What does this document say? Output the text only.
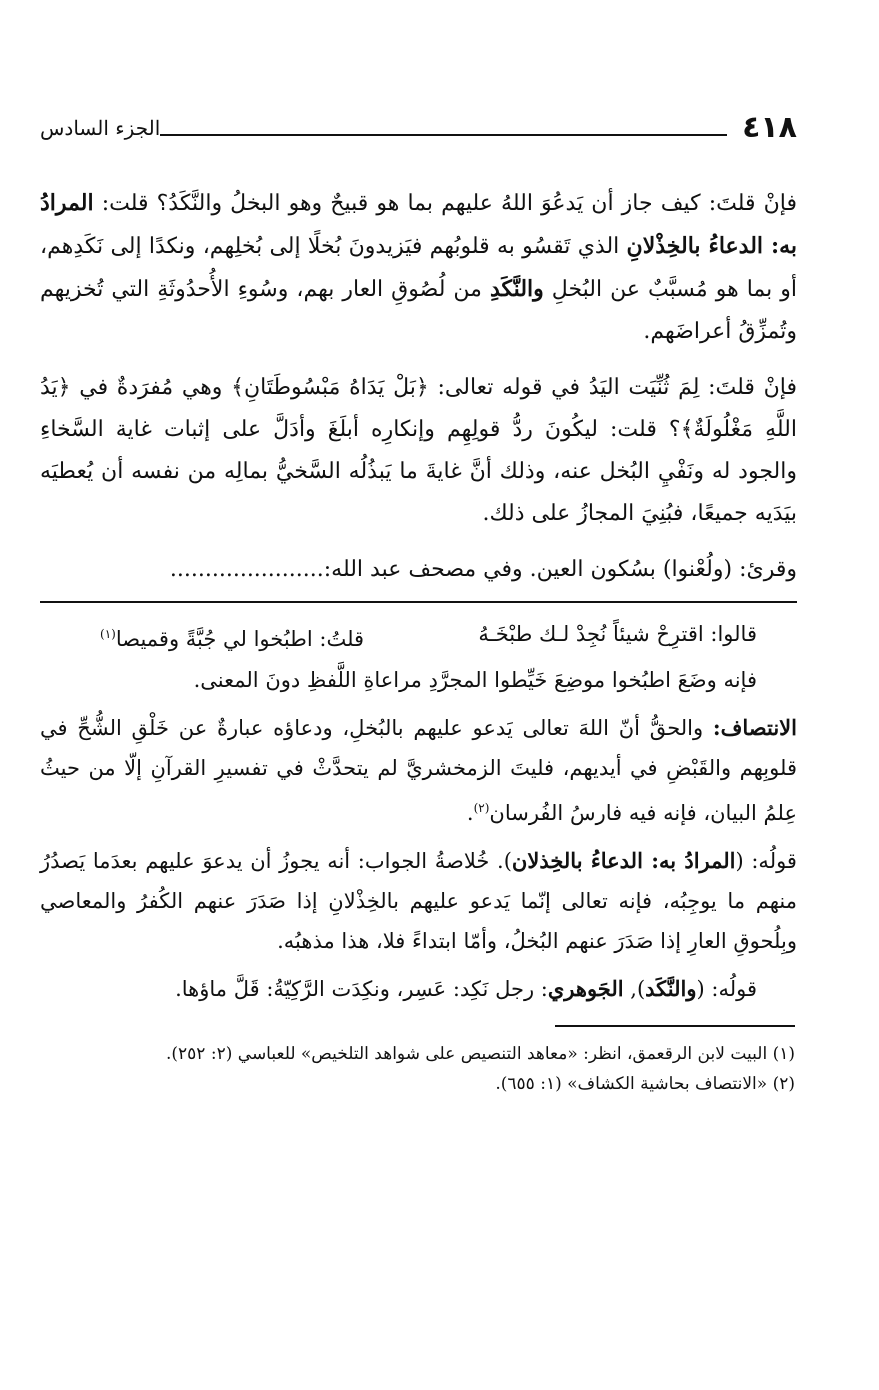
٤١٨
الجزء السادس

فإنْ قلتَ: كيف جاز أن يَدعُوَ اللهُ عليهم بما هو قبيحٌ وهو البخلُ والنَّكَدُ؟ قلت: المرادُ به: الدعاءُ بالخِذْلانِ الذي تَقسُو به قلوبُهم فيَزيدونَ بُخلًا إلى بُخلِهم، ونكدًا إلى نَكَدِهم، أو بما هو مُسبَّبٌ عن البُخلِ والنَّكَدِ من لُصُوقِ العار بهم، وسُوءِ الأُحدُوثَةِ التي تُخزيهم وتُمزِّقُ أعراضَهم.

فإنْ قلتَ: لِمَ ثُنِّيَت اليَدُ في قوله تعالى: ﴿بَلْ يَدَاهُ مَبْسُوطَتَانِ﴾ وهي مُفرَدةٌ في ﴿يَدُ اللَّهِ مَغْلُولَةٌ﴾؟ قلت: ليكُونَ ردُّ قولِهِم وإنكارِه أبلَغَ وأدَلَّ على إثبات غاية السَّخاءِ والجود له ونَفْيِ البُخل عنه، وذلك أنَّ غايةَ ما يَبذُلُه السَّخيُّ بمالِه من نفسه أن يُعطيَه بيَدَيه جميعًا، فبُنِيَ المجازُ على ذلك.

وقرئ: (ولُعْنوا) بسُكون العين. وفي مصحف عبد الله:......................

قالوا: اقترِحْ شيئاً نُجِدْ لـك طبْخَـهُ
قلتُ: اطبُخوا لي جُبَّةً وقميصا$^{(١)}$

فإنه وضَعَ اطبُخوا موضِعَ خَيِّطوا المجرَّدِ مراعاةِ اللَّفظِ دونَ المعنى.

الانتصاف: والحقُّ أنّ اللهَ تعالى يَدعو عليهم بالبُخلِ، ودعاؤه عبارةٌ عن خَلْقِ الشُّحِّ في قلوبِهم والقَبْضِ في أيديهم، فليتَ الزمخشريَّ لم يتحدَّثْ في تفسيرِ القرآنِ إلّا من حيثُ عِلمُ البيان، فإنه فيه فارسُ الفُرسان$^{(٢)}$.

قولُه: (المرادُ به: الدعاءُ بالخِذلان). خُلاصةُ الجواب: أنه يجوزُ أن يدعوَ عليهم بعدَما يَصدُرُ منهم ما يوجِبُه، فإنه تعالى إنّما يَدعو عليهم بالخِذْلانِ إذا صَدَرَ عنهم الكُفرُ والمعاصي وبِلُحوقِ العارِ إذا صَدَرَ عنهم البُخلُ، وأمّا ابتداءً فلا، هذا مذهبُه.

قولُه: (والنَّكَد), الجَوهري: رجل نَكِد: عَسِر، ونكِدَت الرَّكِيّةُ: قَلَّ ماؤها.

(١) البيت لابن الرقعمق، انظر: «معاهد التنصيص على شواهد التلخيص» للعباسي (٢: ٢٥٢).

(٢) «الانتصاف بحاشية الكشاف» (١: ٦٥٥).
